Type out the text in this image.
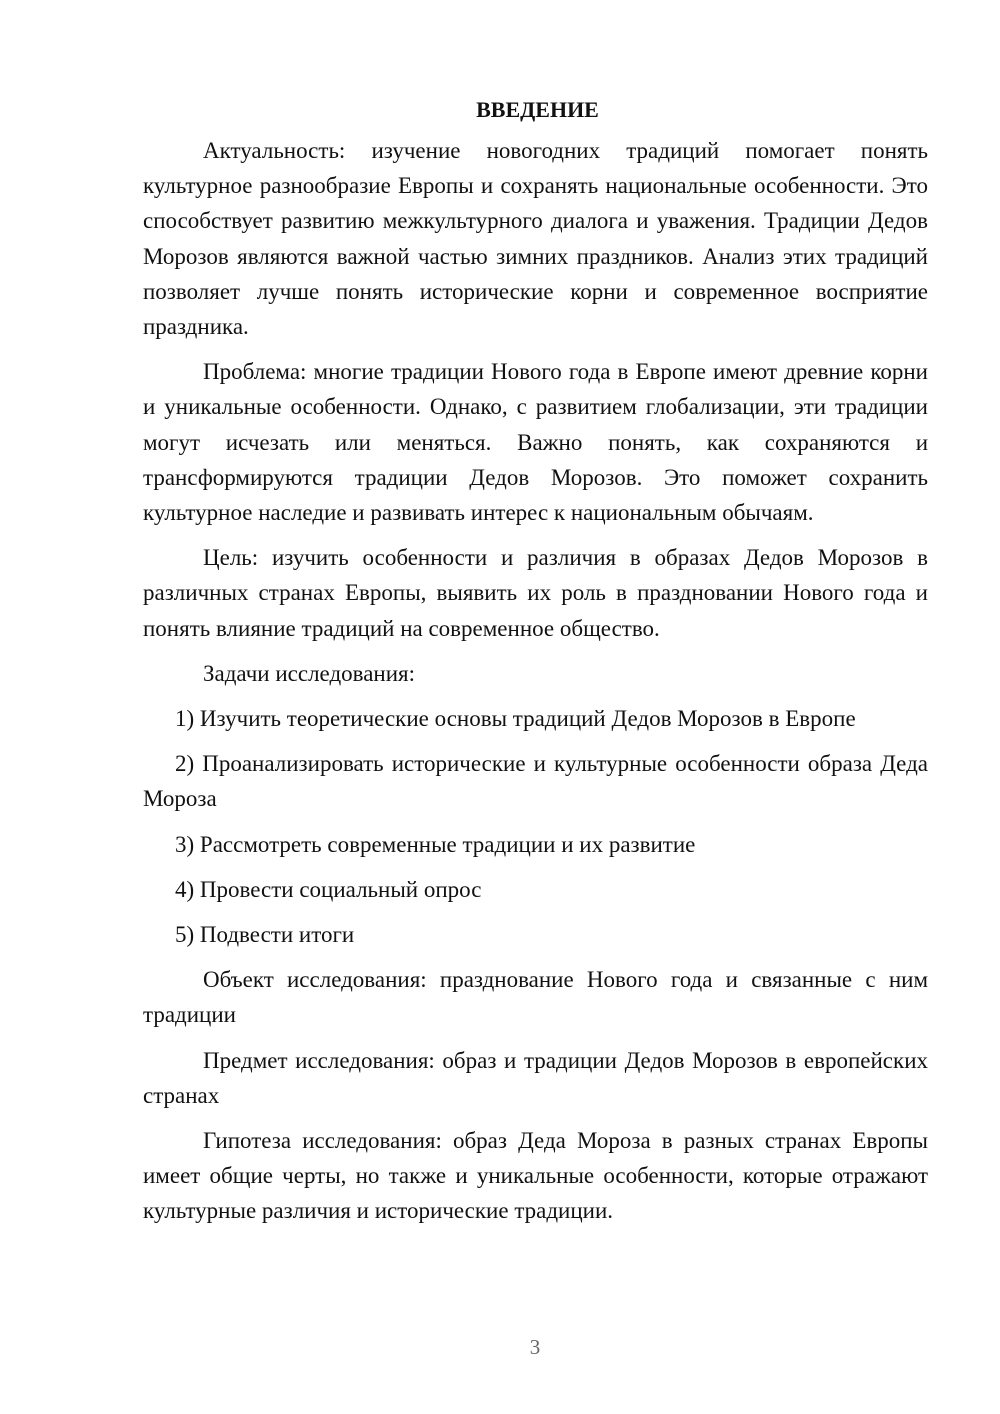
ВВЕДЕНИЕ

Актуальность: изучение новогодних традиций помогает понять культурное разнообразие Европы и сохранять национальные особенности. Это способствует развитию межкультурного диалога и уважения. Традиции Дедов Морозов являются важной частью зимних праздников. Анализ этих традиций позволяет лучше понять исторические корни и современное восприятие праздника.

Проблема: многие традиции Нового года в Европе имеют древние корни и уникальные особенности. Однако, с развитием глобализации, эти традиции могут исчезать или меняться. Важно понять, как сохраняются и трансформируются традиции Дедов Морозов. Это поможет сохранить культурное наследие и развивать интерес к национальным обычаям.

Цель: изучить особенности и различия в образах Дедов Морозов в различных странах Европы, выявить их роль в праздновании Нового года и понять влияние традиций на современное общество.

Задачи исследования:

1) Изучить теоретические основы традиций Дедов Морозов в Европе

2) Проанализировать исторические и культурные особенности образа Деда Мороза

3) Рассмотреть современные традиции и их развитие

4) Провести социальный опрос

5) Подвести итоги

Объект исследования: празднование Нового года и связанные с ним традиции

Предмет исследования: образ и традиции Дедов Морозов в европейских странах

Гипотеза исследования: образ Деда Мороза в разных странах Европы имеет общие черты, но также и уникальные особенности, которые отражают культурные различия и исторические традиции.

3
